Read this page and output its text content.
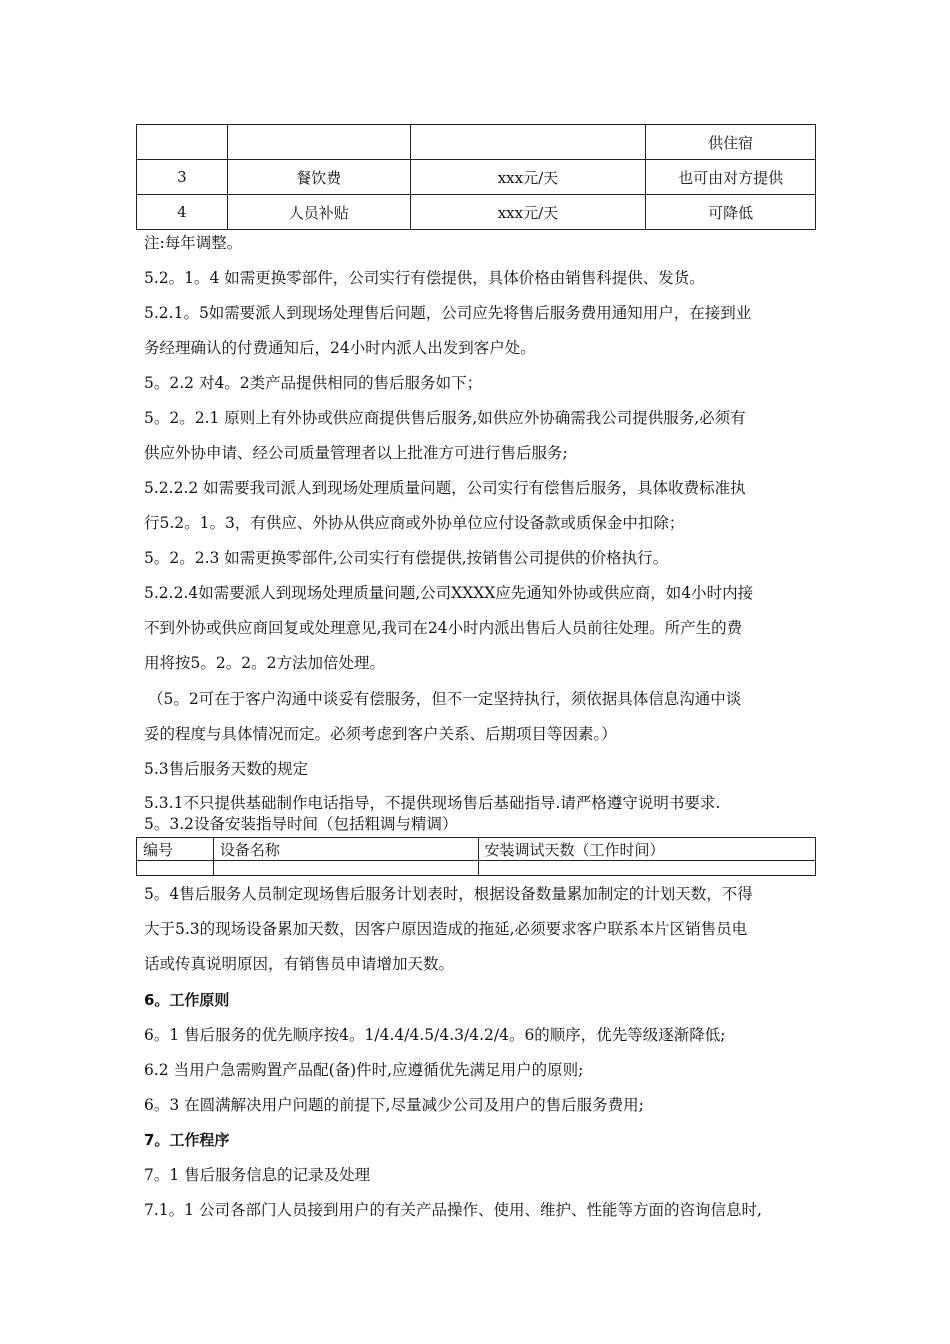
			供住宿
3	餐饮费	xxx元/天	也可由对方提供
4	人员补贴	xxx元/天	可降低
注:每年调整。
5.2。1。4 如需更换零部件，公司实行有偿提供，具体价格由销售科提供、发货。
5.2.1。5如需要派人到现场处理售后问题，公司应先将售后服务费用通知用户，在接到业
务经理确认的付费通知后，24小时内派人出发到客户处。
5。2.2 对4。2类产品提供相同的售后服务如下；
5。2。2.1 原则上有外协或供应商提供售后服务,如供应外协确需我公司提供服务,必须有
供应外协申请、经公司质量管理者以上批准方可进行售后服务;
5.2.2.2 如需要我司派人到现场处理质量问题，公司实行有偿售后服务，具体收费标准执
行5.2。1。3，有供应、外协从供应商或外协单位应付设备款或质保金中扣除；
5。2。2.3 如需更换零部件,公司实行有偿提供,按销售公司提供的价格执行。
5.2.2.4如需要派人到现场处理质量问题,公司XXXX应先通知外协或供应商，如4小时内接
不到外协或供应商回复或处理意见,我司在24小时内派出售后人员前往处理。所产生的费
用将按5。2。2。2方法加倍处理。
（5。2可在于客户沟通中谈妥有偿服务，但不一定坚持执行，须依据具体信息沟通中谈
妥的程度与具体情况而定。必须考虑到客户关系、后期项目等因素。）
5.3售后服务天数的规定
5.3.1不只提供基础制作电话指导，不提供现场售后基础指导.请严格遵守说明书要求.
5。3.2设备安装指导时间（包括粗调与精调）
编号	设备名称	安装调试天数（工作时间）

5。4售后服务人员制定现场售后服务计划表时，根据设备数量累加制定的计划天数，不得
大于5.3的现场设备累加天数，因客户原因造成的拖延,必须要求客户联系本片区销售员电
话或传真说明原因，有销售员申请增加天数。
6。工作原则
6。1 售后服务的优先顺序按4。1/4.4/4.5/4.3/4.2/4。6的顺序，优先等级逐渐降低;
6.2 当用户急需购置产品配(备)件时,应遵循优先满足用户的原则;
6。3 在圆满解决用户问题的前提下,尽量减少公司及用户的售后服务费用;
7。工作程序
7。1 售后服务信息的记录及处理
7.1。1 公司各部门人员接到用户的有关产品操作、使用、维护、性能等方面的咨询信息时,
